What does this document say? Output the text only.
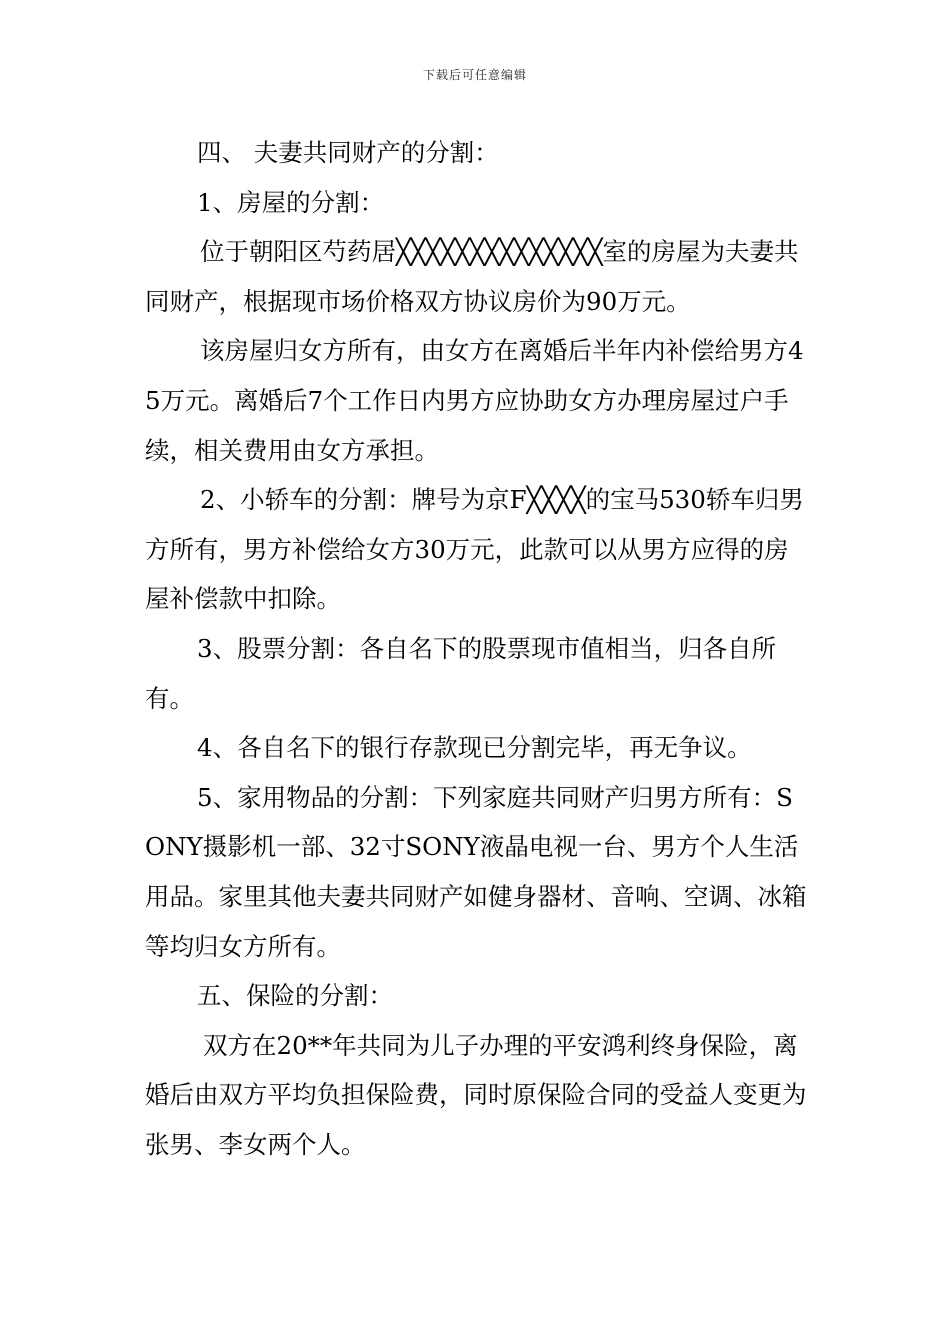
下载后可任意编辑

四、 夫妻共同财产的分割：

1、房屋的分割：

位于朝阳区芍药居╳╳╳╳╳╳╳╳╳╳╳╳╳╳室的房屋为夫妻共同财产，根据现市场价格双方协议房价为90万元。

该房屋归女方所有，由女方在离婚后半年内补偿给男方45万元。离婚后7个工作日内男方应协助女方办理房屋过户手续，相关费用由女方承担。

2、小轿车的分割：牌号为京F╳╳╳╳的宝马530轿车归男方所有，男方补偿给女方30万元，此款可以从男方应得的房屋补偿款中扣除。

3、股票分割：各自名下的股票现市值相当，归各自所有。

4、各自名下的银行存款现已分割完毕，再无争议。

5、家用物品的分割：下列家庭共同财产归男方所有：SONY摄影机一部、32寸SONY液晶电视一台、男方个人生活用品。家里其他夫妻共同财产如健身器材、音响、空调、冰箱等均归女方所有。

五、保险的分割：

双方在20**年共同为儿子办理的平安鸿利终身保险，离婚后由双方平均负担保险费，同时原保险合同的受益人变更为张男、李女两个人。
